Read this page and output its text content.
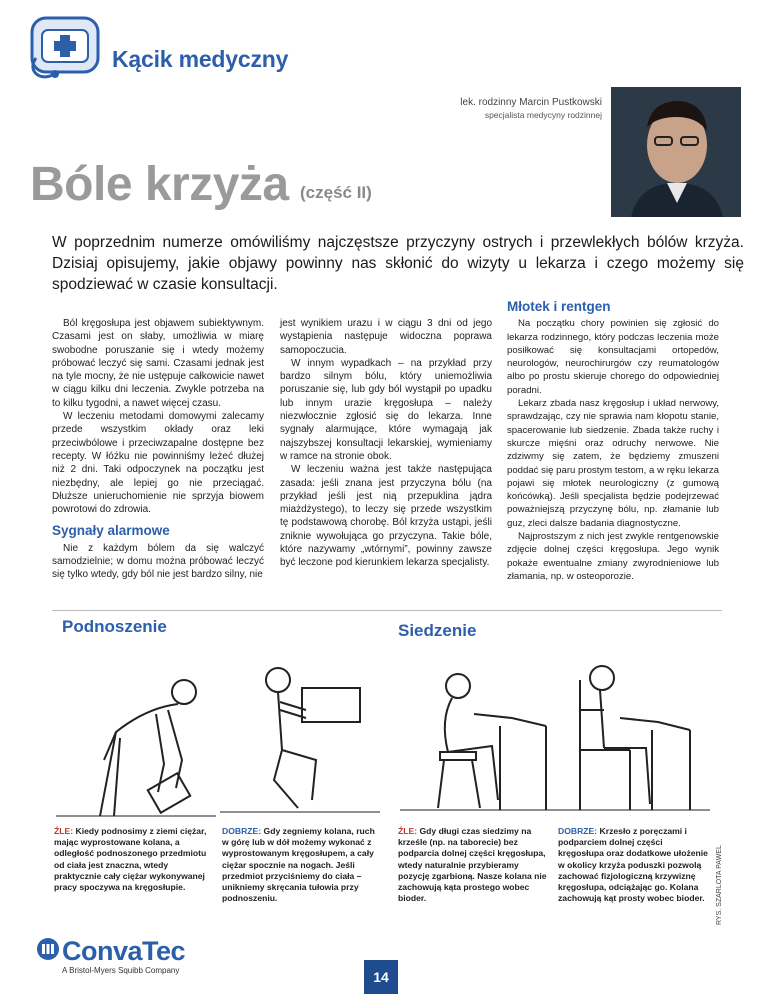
Kącik medyczny
lek. rodzinny Marcin Pustkowski
specjalista medycyny rodzinnej
Bóle krzyża (część II)
W poprzednim numerze omówiliśmy najczęstsze przyczyny ostrych i przewlekłych bólów krzyża. Dzisiaj opisujemy, jakie objawy powinny nas skłonić do wizyty u lekarza i czego możemy się spodziewać w czasie konsultacji.

Ból kręgosłupa jest objawem subiektywnym. Czasami jest on słaby, umożliwia w miarę swobodne poruszanie się i wtedy możemy próbować leczyć się sami. Czasami jednak jest na tyle mocny, że nie ustępuje całkowicie nawet w ciągu kilku dni leczenia. Zwykle potrzeba na to kilku tygodni, a nawet więcej czasu.

W leczeniu metodami domowymi zalecamy przede wszystkim okłady oraz leki przeciwbólowe i przeciwzapalne dostępne bez recepty. W łóżku nie powinniśmy leżeć dłużej niż 2 dni. Taki odpoczynek na początku jest niezbędny, ale lepiej go nie przeciągać. Dłuższe unieruchomienie nie sprzyja biowem powrotowi do zdrowia.

Sygnały alarmowe

Nie z każdym bólem da się walczyć samodzielnie; w domu można próbować leczyć się tylko wtedy, gdy ból nie jest bardzo silny, nie

jest wynikiem urazu i w ciągu 3 dni od jego wystąpienia następuje widoczna poprawa samopoczucia.

W innym wypadkach – na przykład przy bardzo silnym bólu, który uniemożliwia poruszanie się, lub gdy ból wystąpił po upadku lub innym urazie kręgosłupa – należy niezwłocznie zgłosić się do lekarza. Inne sygnały alarmujące, które wymagają jak najszybszej konsultacji lekarskiej, wymieniamy w ramce na stronie obok.

W leczeniu ważna jest także następująca zasada: jeśli znana jest przyczyna bólu (na przykład jeśli jest nią przepuklina jądra miażdżystego), to leczy się przede wszystkim tę podstawową chorobę. Ból krzyża ustąpi, jeśli zniknie wywołująca go przyczyna. Takie bóle, które nazywamy „wtórnymi”, powinny zawsze być leczone pod kierunkiem lekarza specjalisty.

Młotek i rentgen

Na początku chory powinien się zgłosić do lekarza rodzinnego, który podczas leczenia może posiłkować się konsultacjami ortopedów, neurologów, neurochirurgów czy reumatologów albo po prostu skieruje chorego do odpowiedniej poradni.

Lekarz zbada nasz kręgosłup i układ nerwowy, sprawdzając, czy nie sprawia nam kłopotu stanie, spacerowanie lub siedzenie. Zbada także ruchy i skurcze mięśni oraz odruchy nerwowe. Nie zdziwmy się zatem, że będziemy zmuszeni poddać się paru prostym testom, a w ręku lekarza pojawi się młotek neurologiczny (z gumową końcówką). Jeśli specjalista będzie podejrzewać poważniejszą przyczynę bólu, np. złamanie lub guz, zleci dalsze badania diagnostyczne.

Najprostszym z nich jest zwykle rentgenowskie zdjęcie dolnej części kręgosłupa. Jego wynik pokaże ewentualne zmiany zwyrodnieniowe lub złamania, np. w osteoporozie.

Podnoszenie	Siedzenie
ŹLE: Kiedy podnosimy z ziemi ciężar, mając wyprostowane kolana, a odległość podnoszonego przedmiotu od ciała jest znaczna, wtedy praktycznie cały ciężar wykonywanej pracy spoczywa na kręgosłupie.
DOBRZE: Gdy zegniemy kolana, ruch w górę lub w dół możemy wykonać z wyprostowanym kręgosłupem, a cały ciężar spocznie na nogach. Jeśli przedmiot przyciśniemy do ciała – unikniemy skręcania tułowia przy podnoszeniu.
ŹLE: Gdy długi czas siedzimy na krześle (np. na taborecie) bez podparcia dolnej części kręgosłupa, wtedy naturalnie przybieramy pozycję zgarbioną. Nasze kolana nie zachowują kąta prostego wobec bioder.
DOBRZE: Krzesło z poręczami i podparciem dolnej części kręgosłupa oraz dodatkowe ułożenie w okolicy krzyża poduszki pozwolą zachować fizjologiczną krzywiznę kręgosłupa, odciążając go. Kolana zachowują kąt prosty wobec bioder.	RYS. SZARLOTA PAWEL
ConvaTec
A Bristol-Myers Squibb Company	14
